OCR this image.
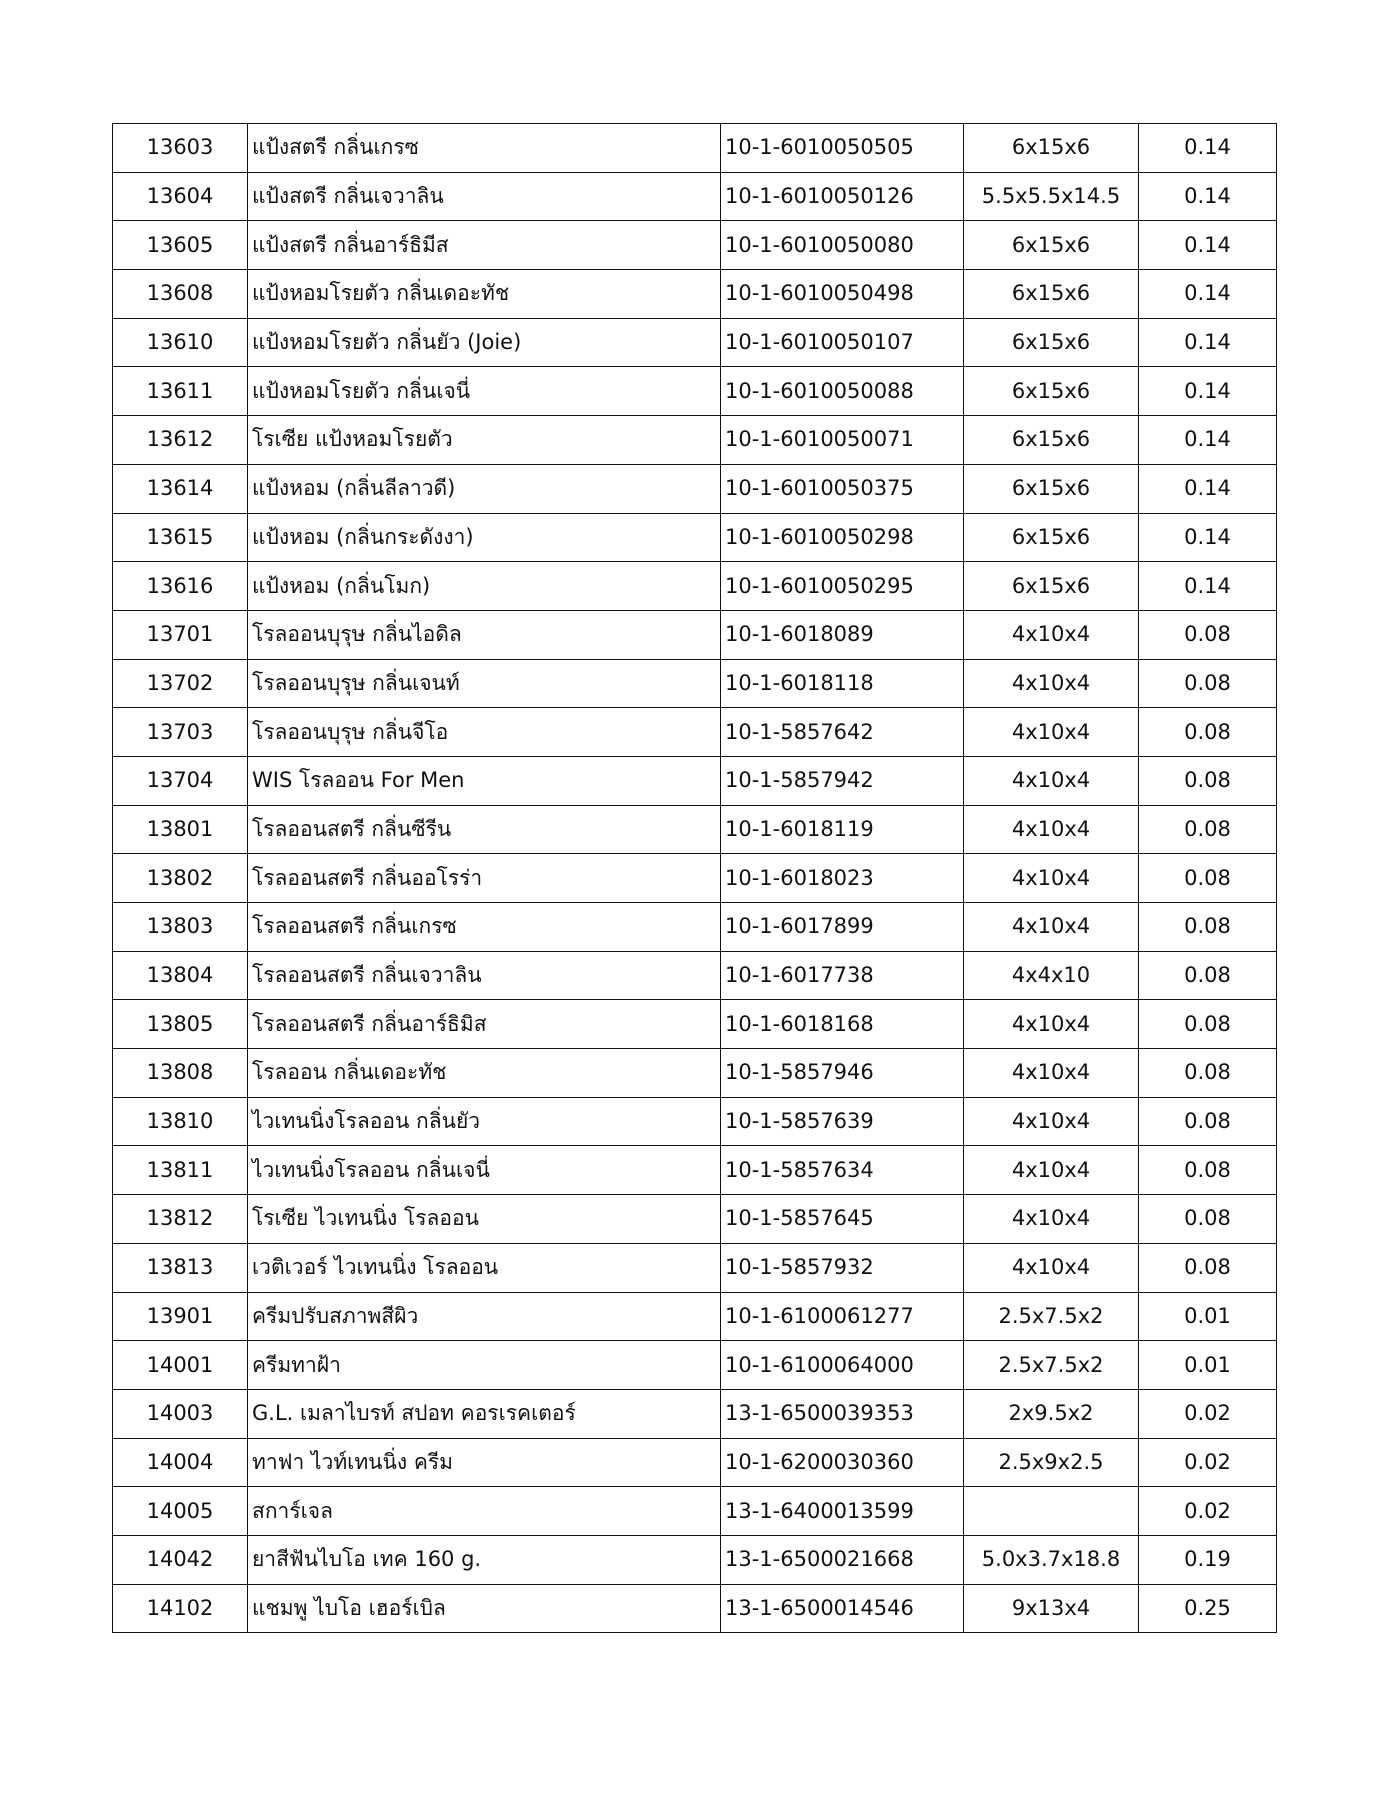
13603	แป้งสตรี กลิ่นเกรซ	10-1-6010050505	6x15x6	0.14
13604	แป้งสตรี กลิ่นเจวาลิน	10-1-6010050126	5.5x5.5x14.5	0.14
13605	แป้งสตรี กลิ่นอาร์ธิมีส	10-1-6010050080	6x15x6	0.14
13608	แป้งหอมโรยตัว กลิ่นเดอะทัช	10-1-6010050498	6x15x6	0.14
13610	แป้งหอมโรยตัว กลิ่นยัว (Joie)	10-1-6010050107	6x15x6	0.14
13611	แป้งหอมโรยตัว กลิ่นเจนี่	10-1-6010050088	6x15x6	0.14
13612	โรเซีย แป้งหอมโรยตัว	10-1-6010050071	6x15x6	0.14
13614	แป้งหอม (กลิ่นลีลาวดี)	10-1-6010050375	6x15x6	0.14
13615	แป้งหอม (กลิ่นกระดังงา)	10-1-6010050298	6x15x6	0.14
13616	แป้งหอม (กลิ่นโมก)	10-1-6010050295	6x15x6	0.14
13701	โรลออนบุรุษ กลิ่นไอดิล	10-1-6018089	4x10x4	0.08
13702	โรลออนบุรุษ กลิ่นเจนท์	10-1-6018118	4x10x4	0.08
13703	โรลออนบุรุษ กลิ่นจีโอ	10-1-5857642	4x10x4	0.08
13704	WIS โรลออน For Men	10-1-5857942	4x10x4	0.08
13801	โรลออนสตรี กลิ่นซีรีน	10-1-6018119	4x10x4	0.08
13802	โรลออนสตรี กลิ่นออโรร่า	10-1-6018023	4x10x4	0.08
13803	โรลออนสตรี กลิ่นเกรซ	10-1-6017899	4x10x4	0.08
13804	โรลออนสตรี กลิ่นเจวาลิน	10-1-6017738	4x4x10	0.08
13805	โรลออนสตรี กลิ่นอาร์ธิมิส	10-1-6018168	4x10x4	0.08
13808	โรลออน กลิ่นเดอะทัช	10-1-5857946	4x10x4	0.08
13810	ไวเทนนิ่งโรลออน กลิ่นยัว	10-1-5857639	4x10x4	0.08
13811	ไวเทนนิ่งโรลออน กลิ่นเจนี่	10-1-5857634	4x10x4	0.08
13812	โรเซีย ไวเทนนิ่ง โรลออน	10-1-5857645	4x10x4	0.08
13813	เวติเวอร์ ไวเทนนิ่ง โรลออน	10-1-5857932	4x10x4	0.08
13901	ครีมปรับสภาพสีผิว	10-1-6100061277	2.5x7.5x2	0.01
14001	ครีมทาฝ้า	10-1-6100064000	2.5x7.5x2	0.01
14003	G.L. เมลาไบรท์ สปอท คอรเรคเตอร์	13-1-6500039353	2x9.5x2	0.02
14004	ทาฟา ไวท์เทนนิ่ง ครีม	10-1-6200030360	2.5x9x2.5	0.02
14005	สการ์เจล	13-1-6400013599		0.02
14042	ยาสีฟันไบโอ เทค 160 g.	13-1-6500021668	5.0x3.7x18.8	0.19
14102	แชมพู ไบโอ เฮอร์เบิล	13-1-6500014546	9x13x4	0.25
